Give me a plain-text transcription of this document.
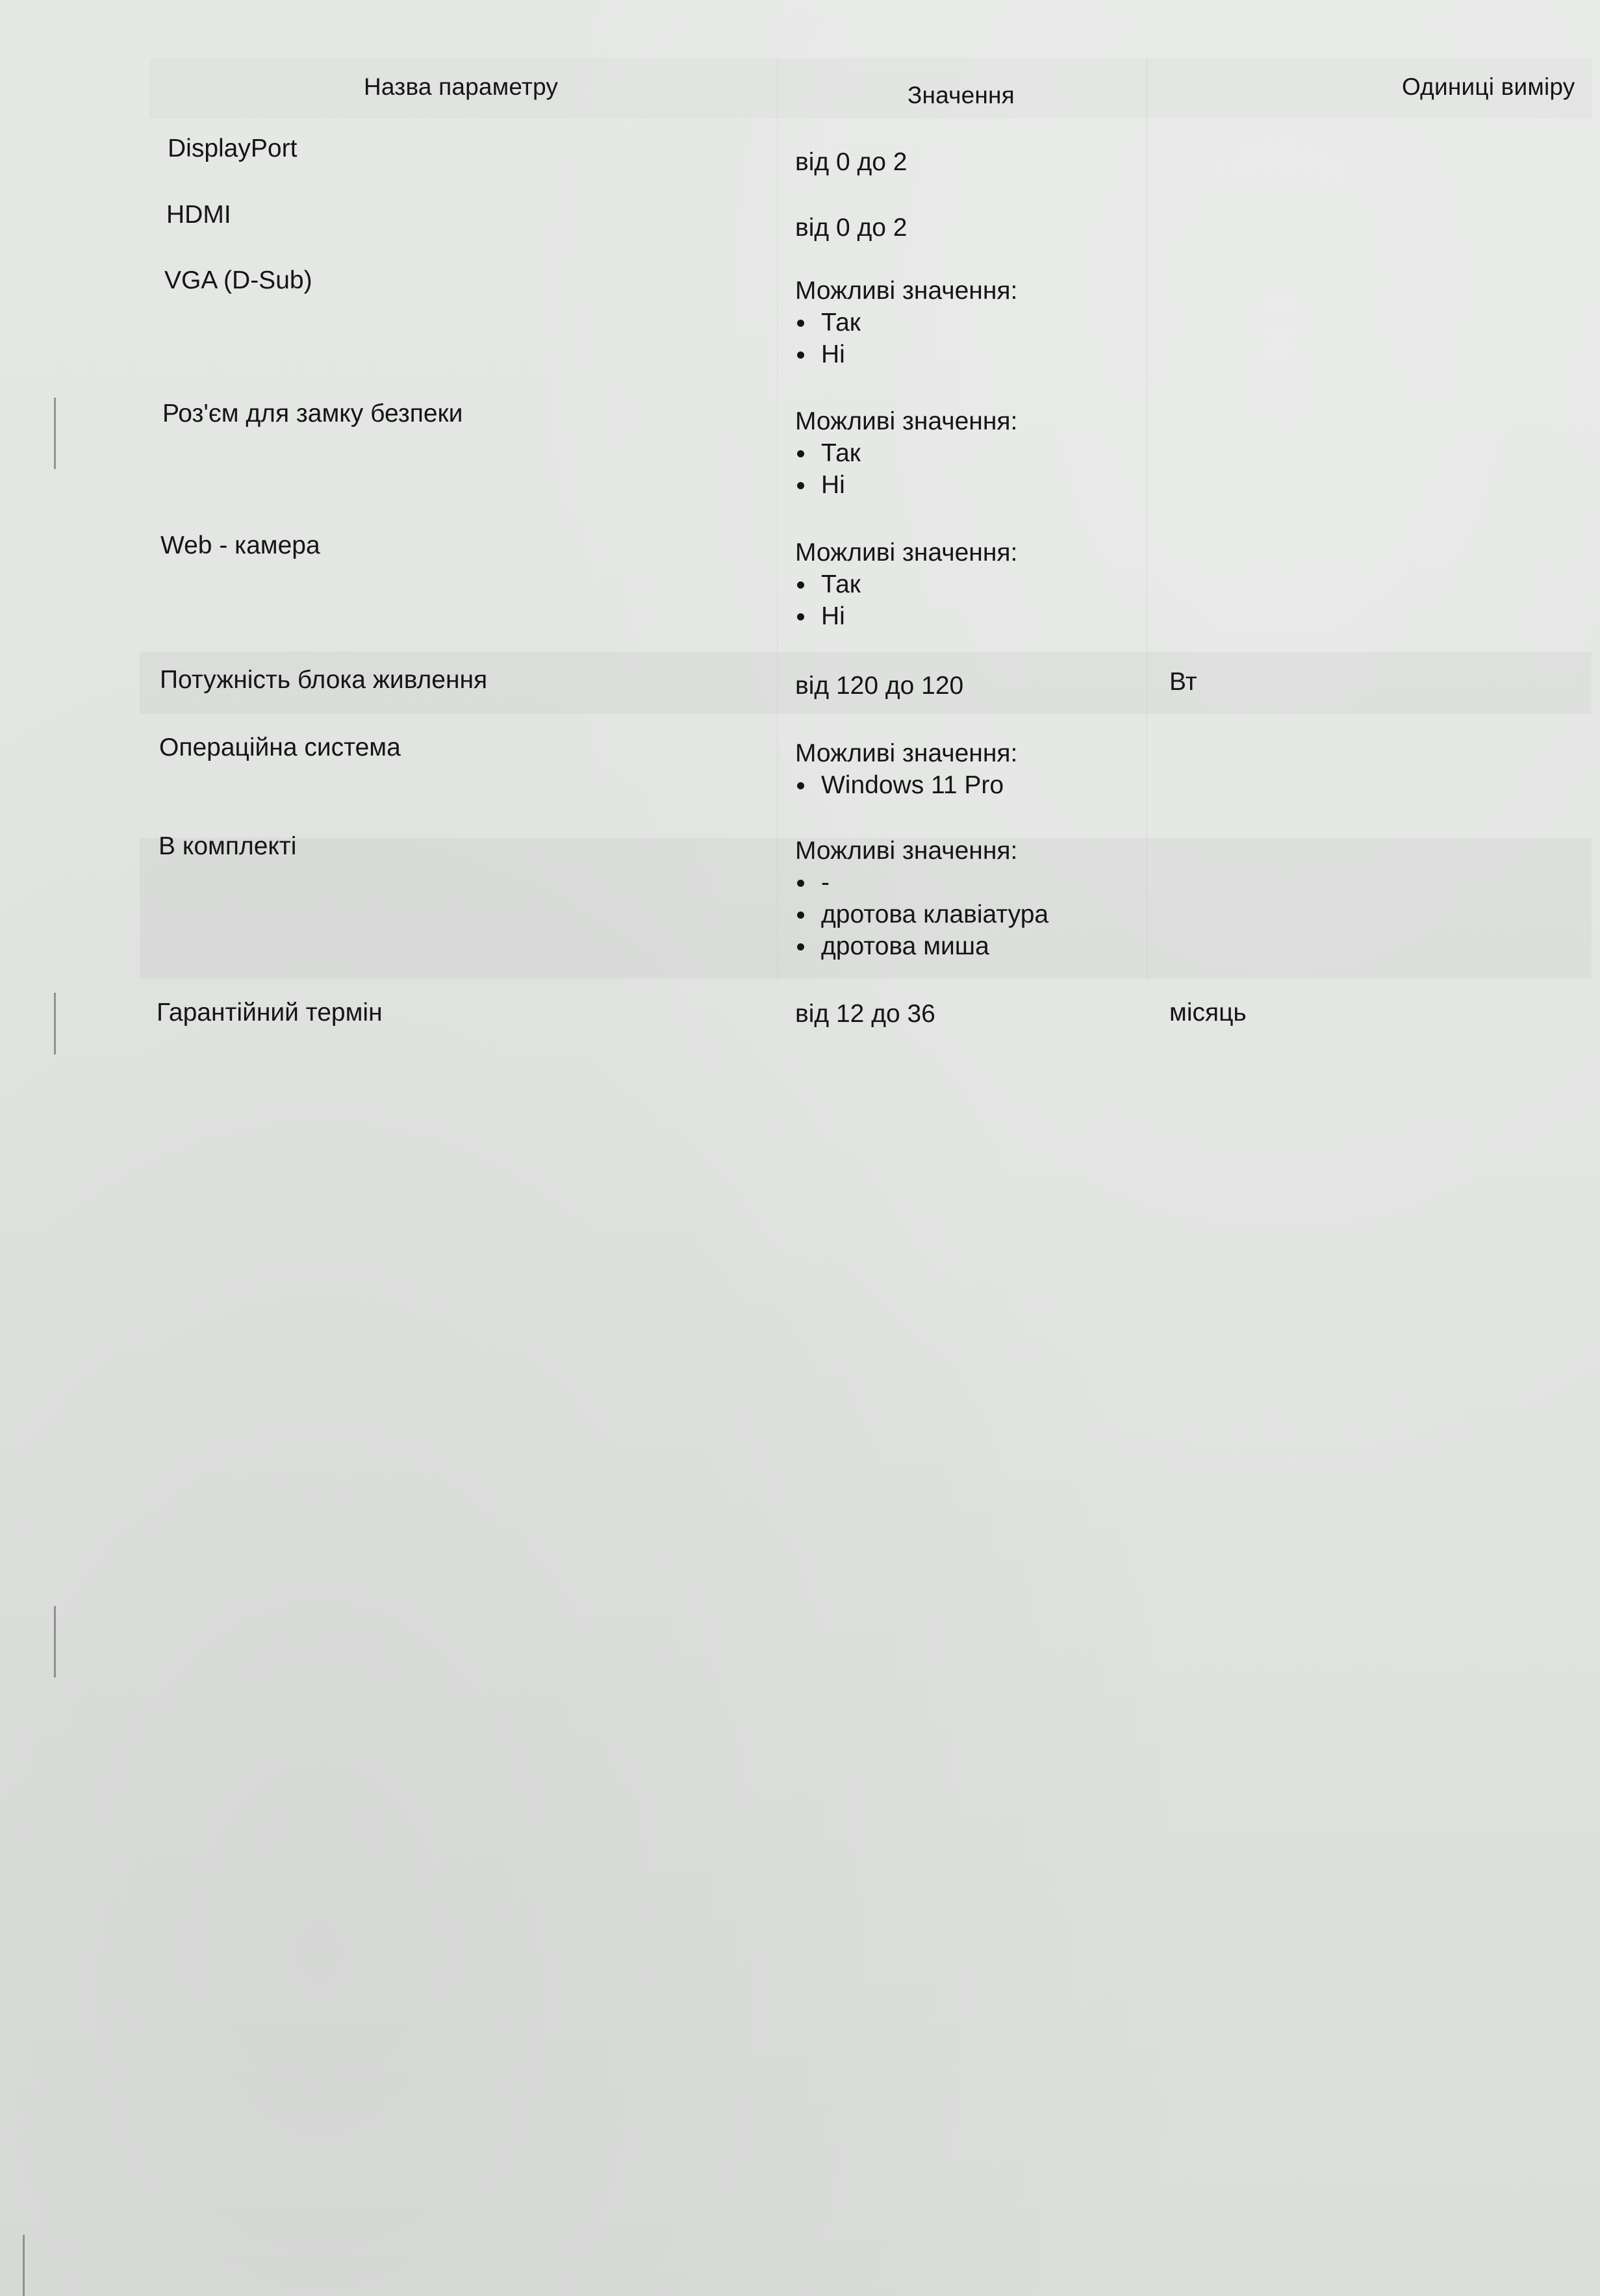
Назва параметру	Значення	Одиниці виміру
DisplayPort	від 0 до 2
HDMI	від 0 до 2
VGA (D-Sub)	Можливі значення:
Так
Ні
Роз'єм для замку безпеки	Можливі значення:
Так
Ні
Web - камера	Можливі значення:
Так
Ні
Потужність блока живлення	від 120 до 120	Вт
Операційна система	Можливі значення:
Windows 11 Pro
В комплекті	Можливі значення:
-
дротова клавіатура
дротова миша
Гарантійний термін	від 12 до 36	місяць
